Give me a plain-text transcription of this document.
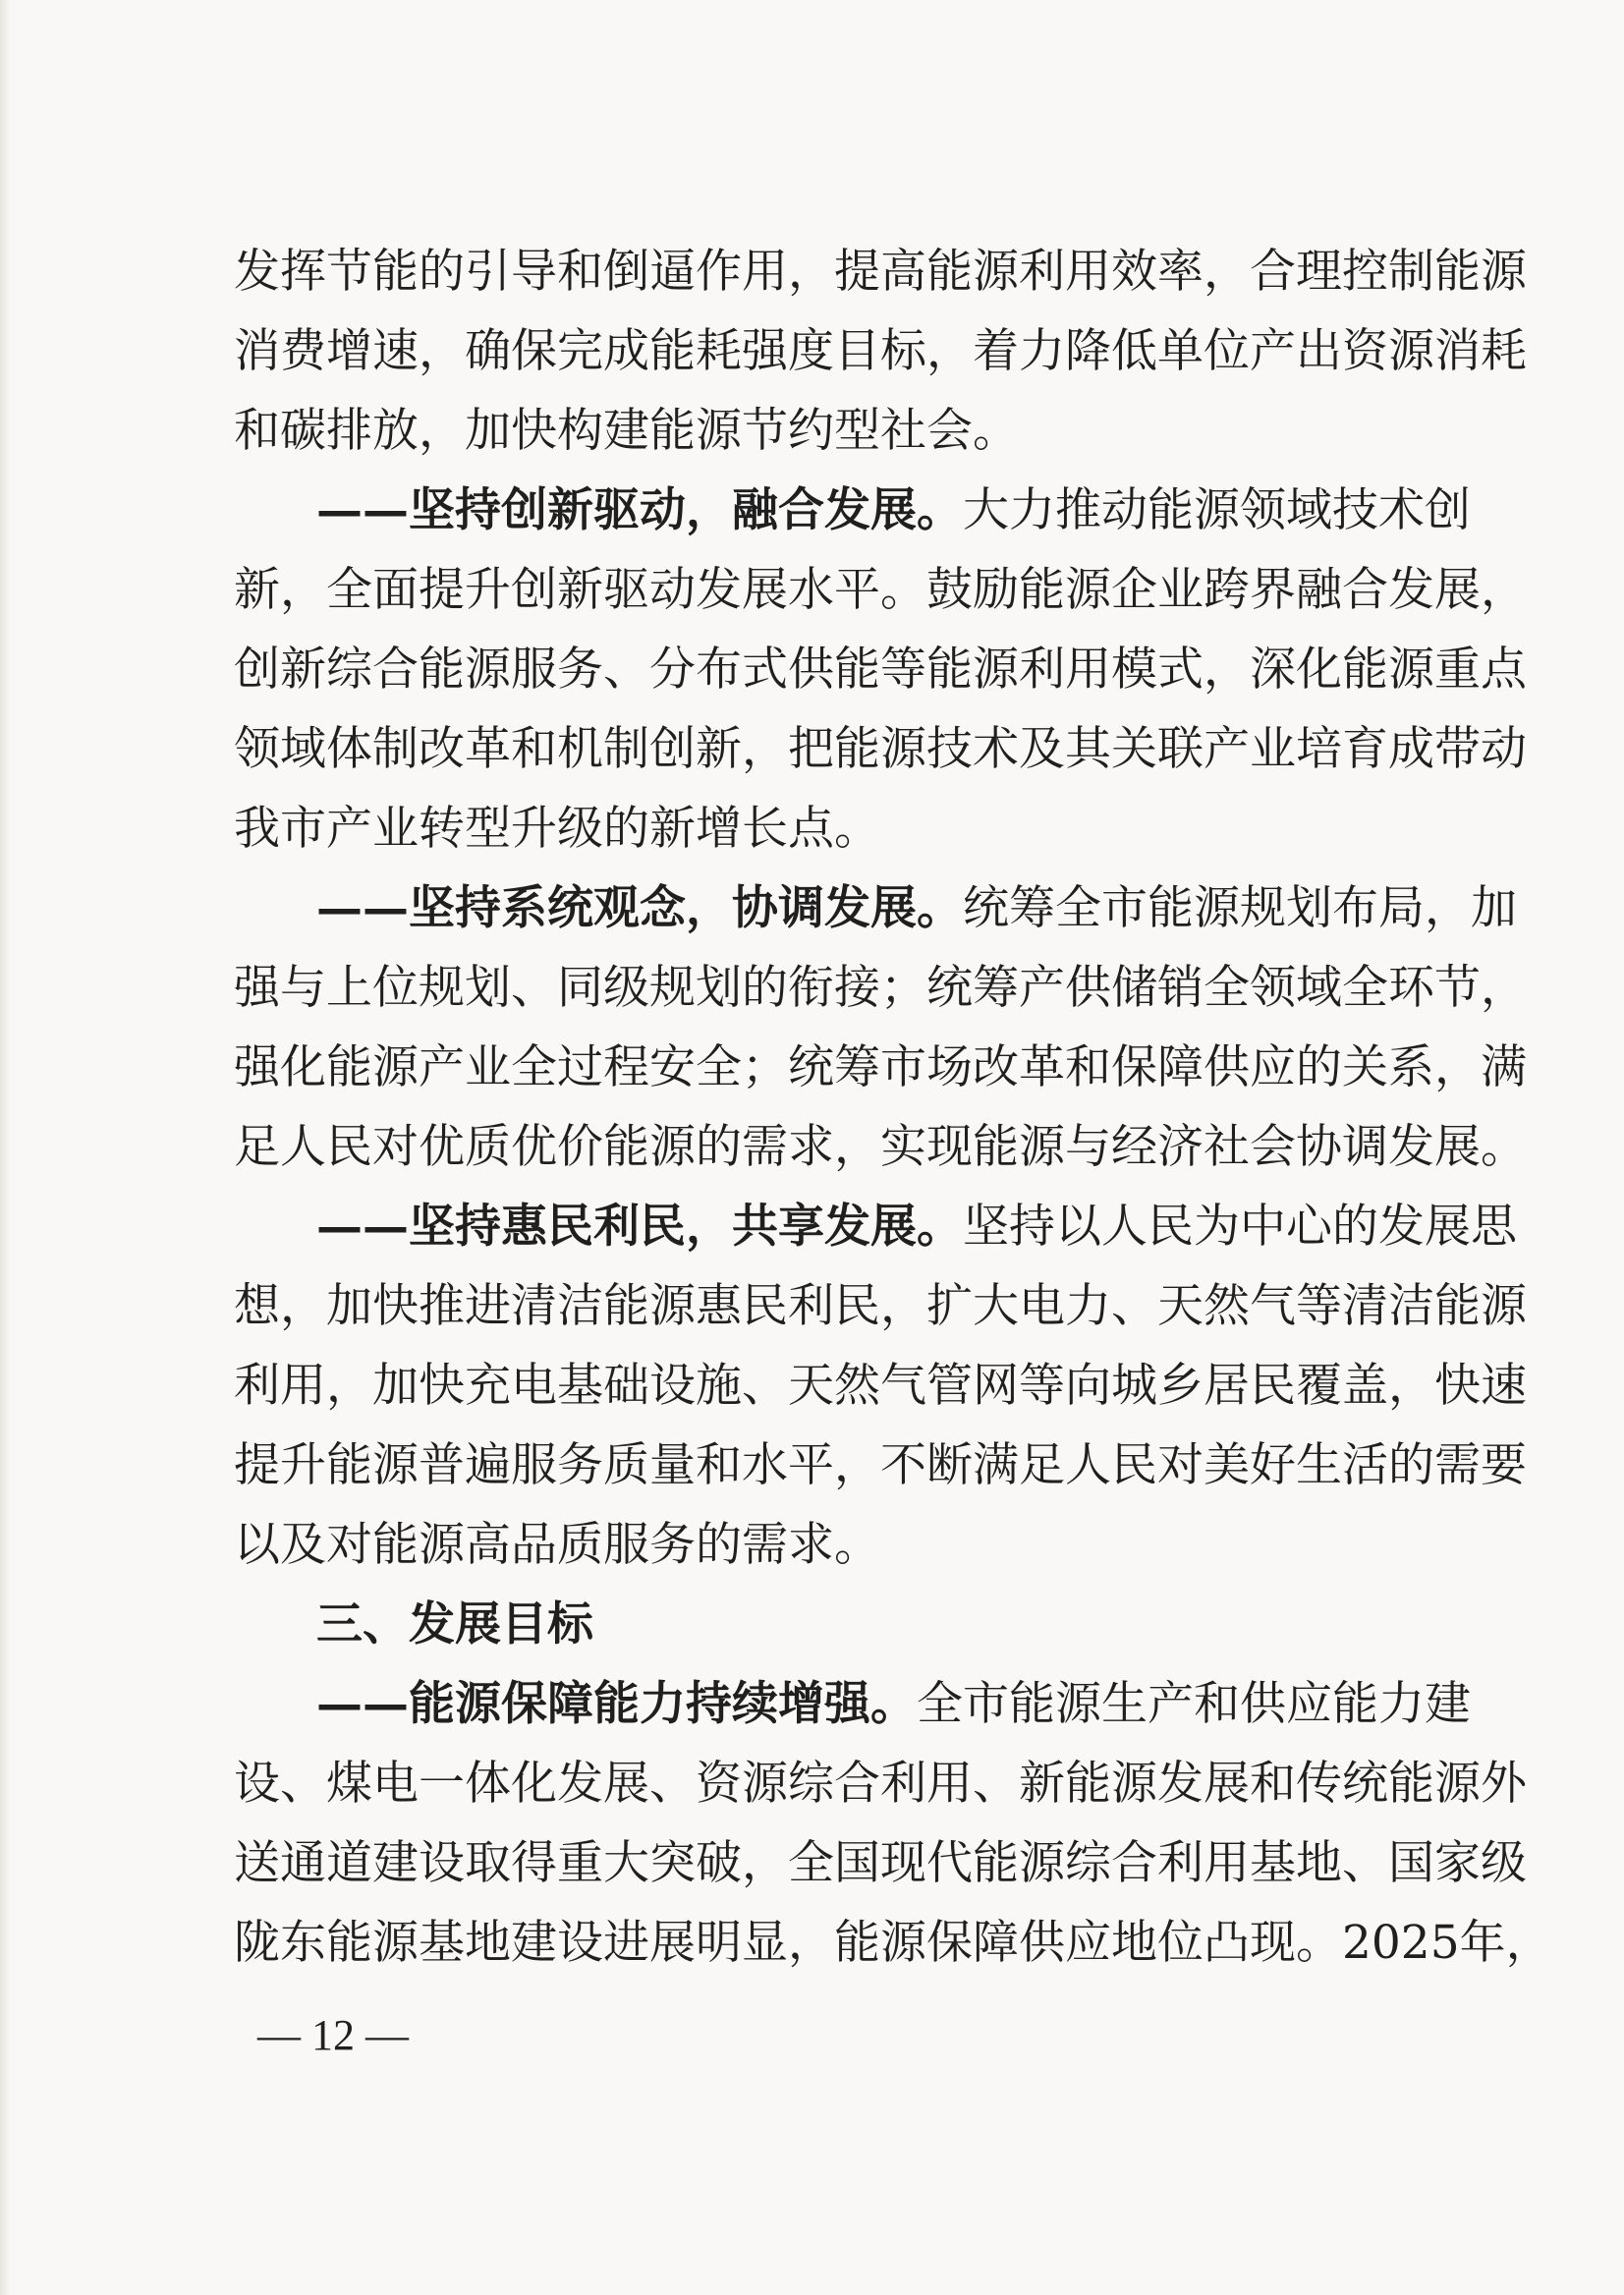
发挥节能的引导和倒逼作用，提高能源利用效率，合理控制能源
消费增速，确保完成能耗强度目标，着力降低单位产出资源消耗
和碳排放，加快构建能源节约型社会。
——坚持创新驱动，融合发展。大力推动能源领域技术创
新，全面提升创新驱动发展水平。鼓励能源企业跨界融合发展，
创新综合能源服务、分布式供能等能源利用模式，深化能源重点
领域体制改革和机制创新，把能源技术及其关联产业培育成带动
我市产业转型升级的新增长点。
——坚持系统观念，协调发展。统筹全市能源规划布局，加
强与上位规划、同级规划的衔接；统筹产供储销全领域全环节，
强化能源产业全过程安全；统筹市场改革和保障供应的关系，满
足人民对优质优价能源的需求，实现能源与经济社会协调发展。
——坚持惠民利民，共享发展。坚持以人民为中心的发展思
想，加快推进清洁能源惠民利民，扩大电力、天然气等清洁能源
利用，加快充电基础设施、天然气管网等向城乡居民覆盖，快速
提升能源普遍服务质量和水平，不断满足人民对美好生活的需要
以及对能源高品质服务的需求。
三、发展目标
——能源保障能力持续增强。全市能源生产和供应能力建
设、煤电一体化发展、资源综合利用、新能源发展和传统能源外
送通道建设取得重大突破，全国现代能源综合利用基地、国家级
陇东能源基地建设进展明显，能源保障供应地位凸现。2025年，
— 12 —
